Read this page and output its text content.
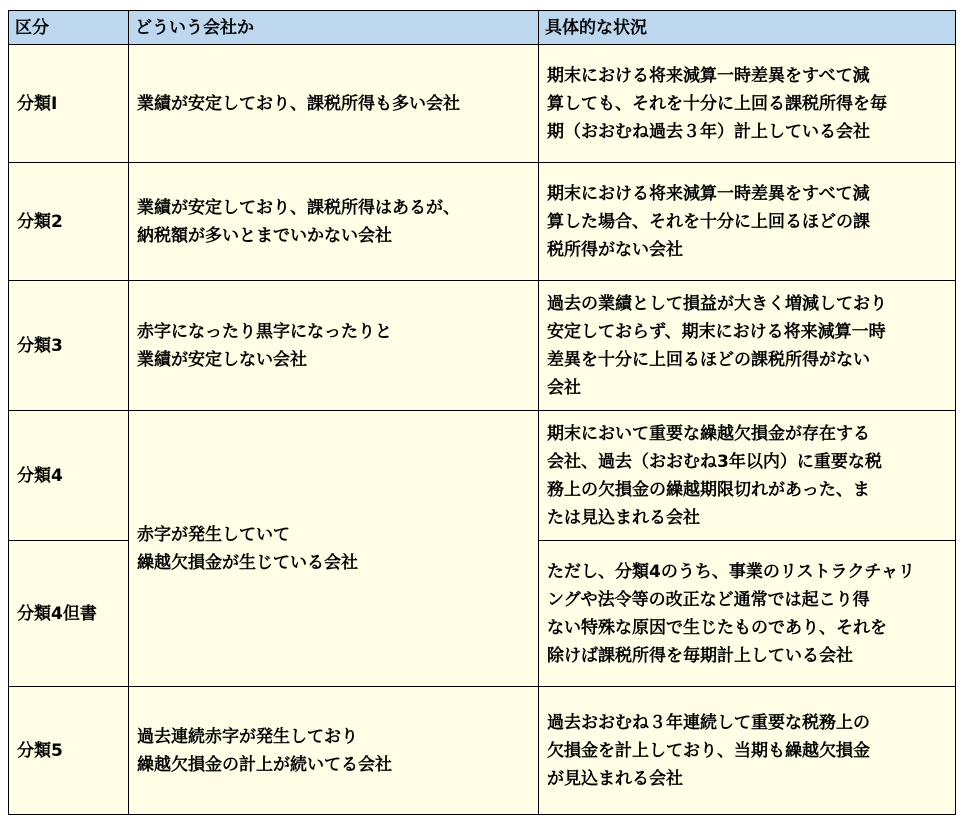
区分	どういう会社か	具体的な状況

分類Ⅰ	業績が安定しており、課税所得も多い会社	期末における将来減算一時差異をすべて減
算しても、それを十分に上回る課税所得を毎
期（おおむね過去３年）計上している会社

分類2	業績が安定しており、課税所得はあるが、
納税額が多いとまでいかない会社	期末における将来減算一時差異をすべて減
算した場合、それを十分に上回るほどの課
税所得がない会社

分類3	赤字になったり黒字になったりと
業績が安定しない会社	過去の業績として損益が大きく増減しており
安定しておらず、期末における将来減算一時
差異を十分に上回るほどの課税所得がない
会社

分類4	赤字が発生していて
繰越欠損金が生じている会社	期末において重要な繰越欠損金が存在する
会社、過去（おおむね3年以内）に重要な税
務上の欠損金の繰越期限切れがあった、ま
たは見込まれる会社

分類4但書		ただし、分類4のうち、事業のリストラクチャリ
ングや法令等の改正など通常では起こり得
ない特殊な原因で生じたものであり、それを
除けば課税所得を毎期計上している会社

分類5	過去連続赤字が発生しており
繰越欠損金の計上が続いてる会社	過去おおむね３年連続して重要な税務上の
欠損金を計上しており、当期も繰越欠損金
が見込まれる会社
